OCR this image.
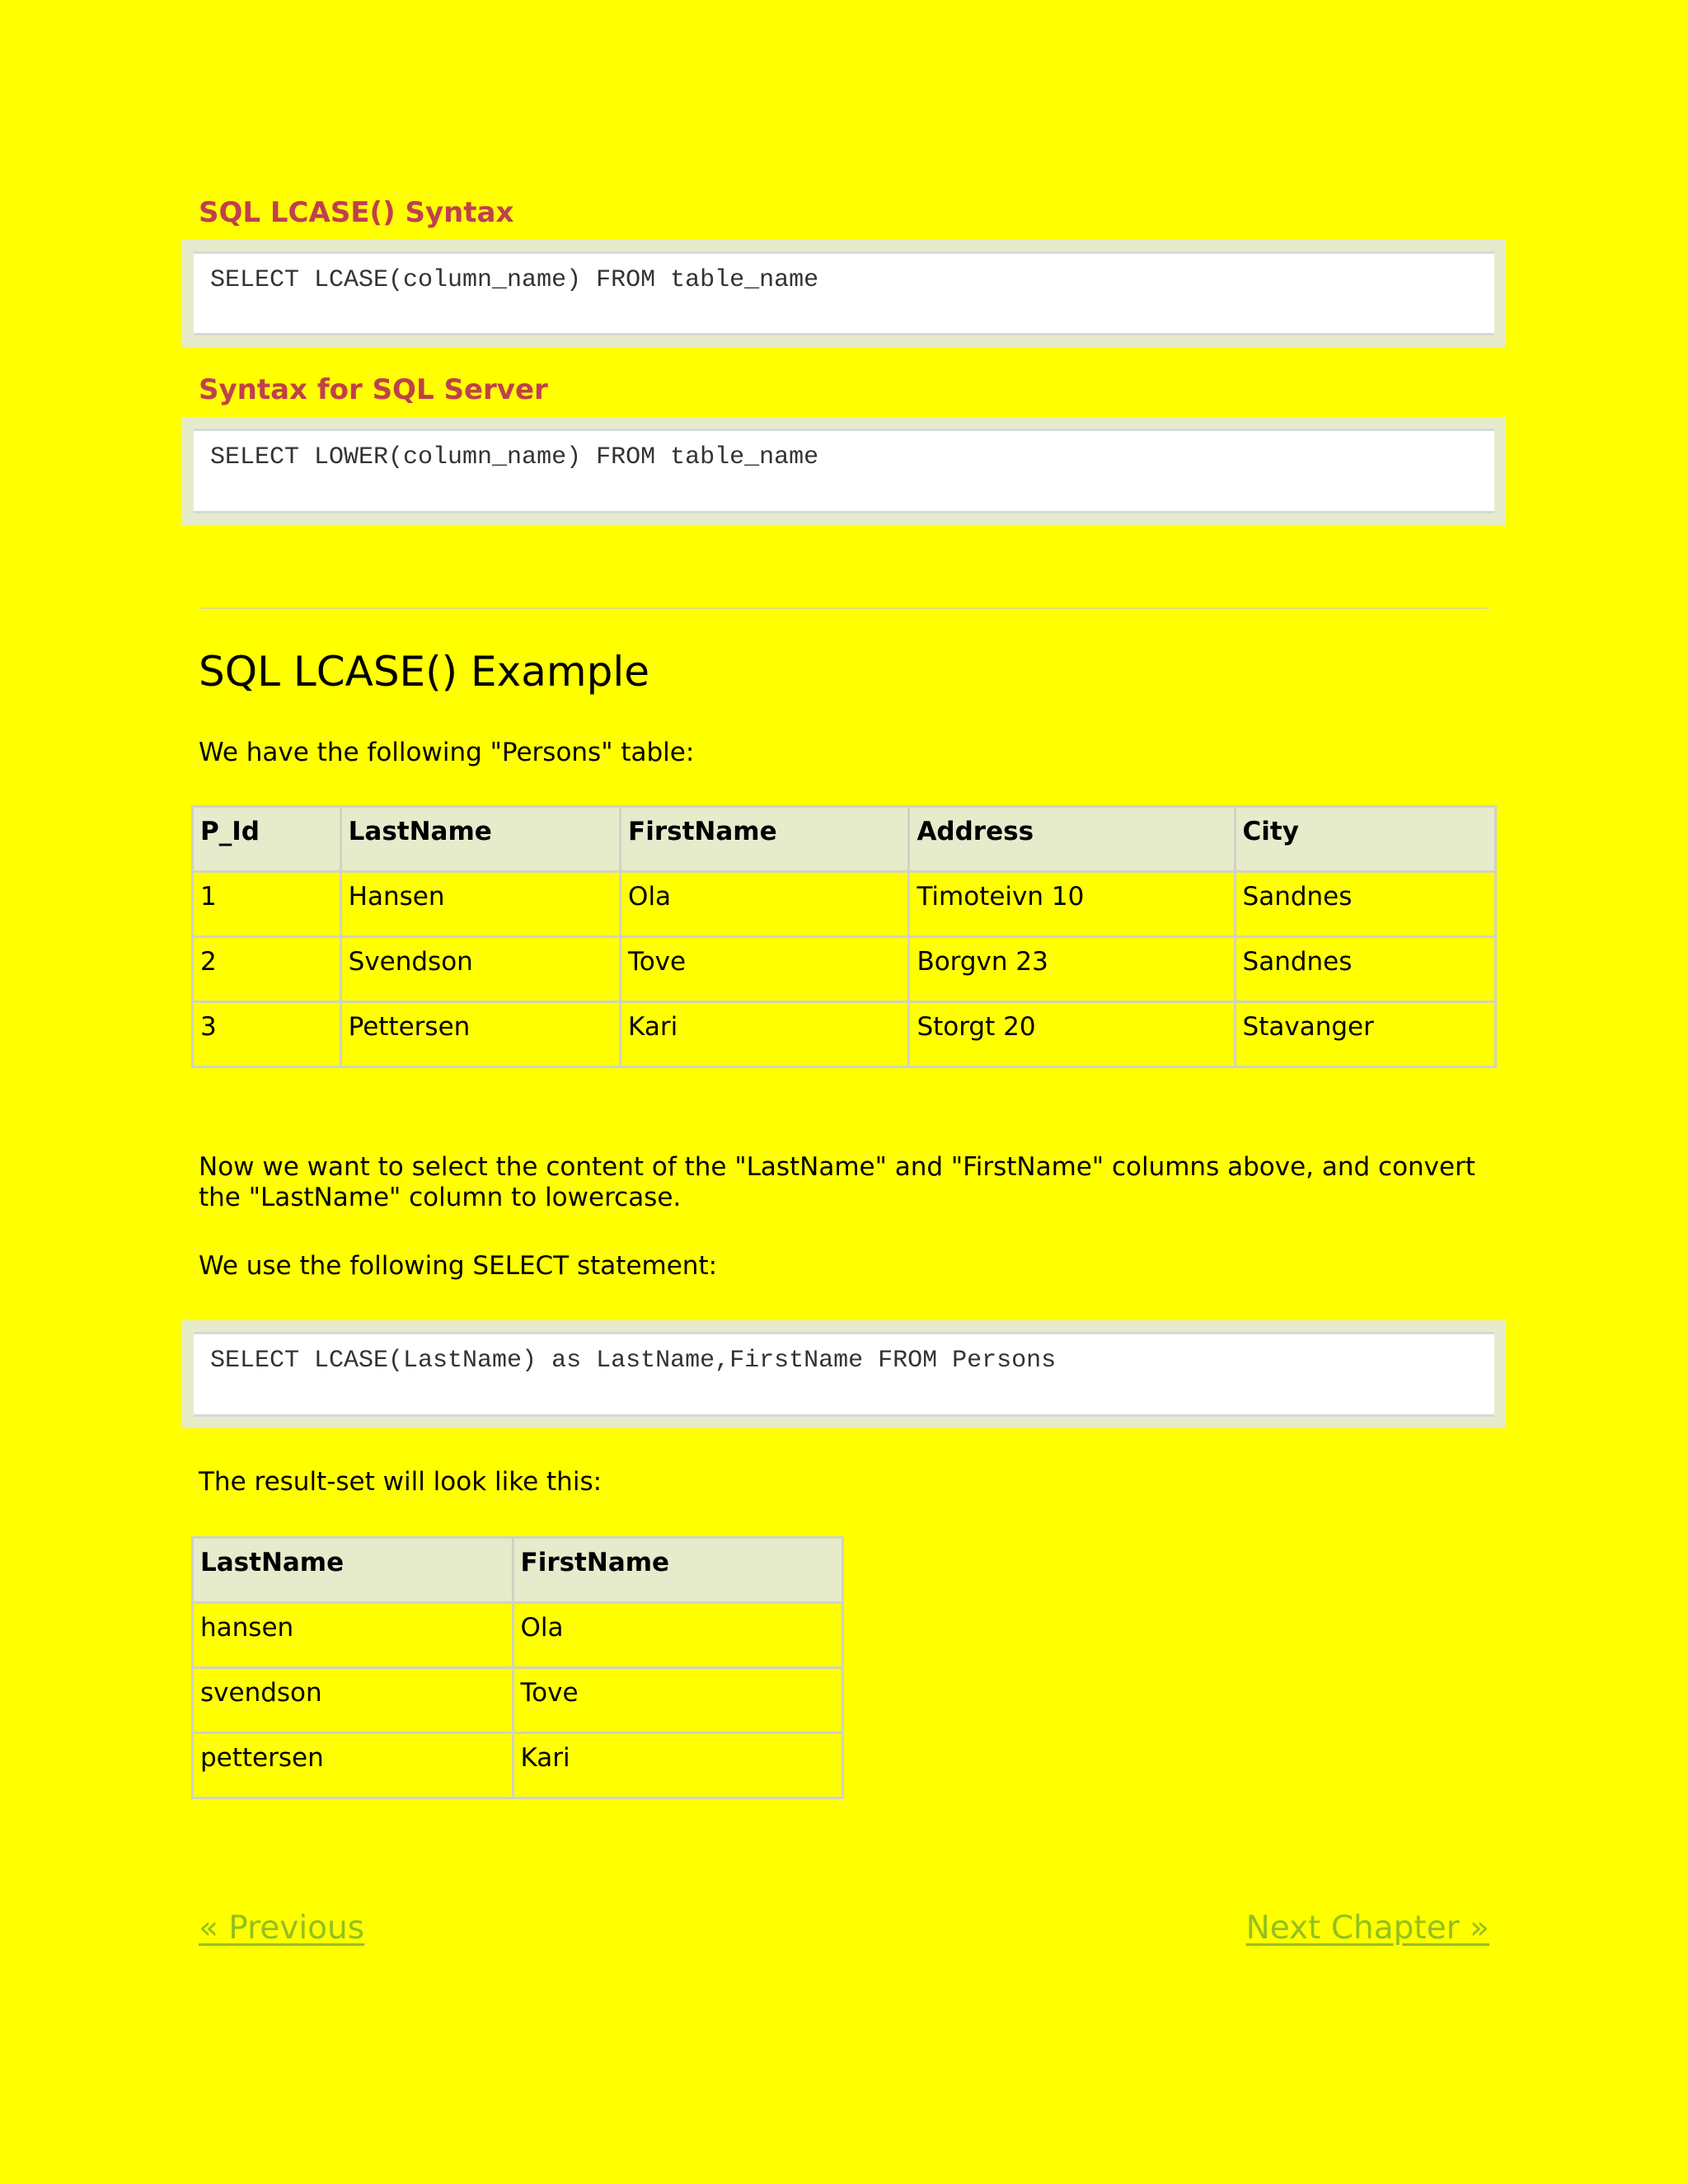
SQL LCASE() Syntax
SELECT LCASE(column_name) FROM table_name
Syntax for SQL Server
SELECT LOWER(column_name) FROM table_name
SQL LCASE() Example

We have the following "Persons" table:

P_Id	LastName	FirstName	Address	City
1	Hansen	Ola	Timoteivn 10	Sandnes
2	Svendson	Tove	Borgvn 23	Sandnes
3	Pettersen	Kari	Storgt 20	Stavanger

Now we want to select the content of the "LastName" and "FirstName" columns above, and convert the "LastName" column to lowercase.

We use the following SELECT statement:

SELECT LCASE(LastName) as LastName,FirstName FROM Persons

The result-set will look like this:

LastName	FirstName
hansen	Ola
svendson	Tove
pettersen	Kari
« Previous	Next Chapter »
